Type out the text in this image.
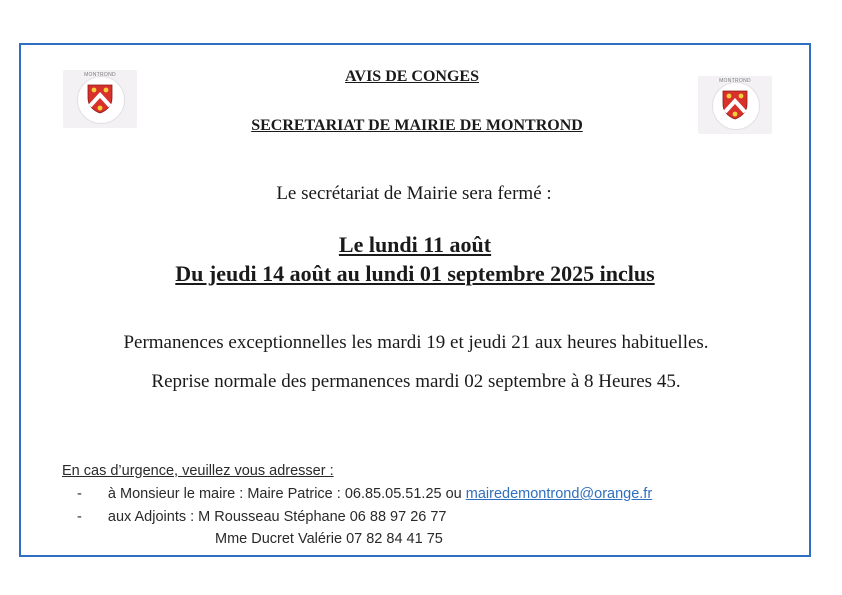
MONTROND
MONTROND
AVIS DE CONGES
SECRETARIAT DE MAIRIE DE MONTROND
Le secrétariat de Mairie sera fermé :
Le lundi 11 août
Du jeudi 14 août au lundi 01 septembre 2025 inclus
Permanences exceptionnelles les mardi 19 et jeudi 21 aux heures habituelles.
Reprise normale des permanences mardi 02 septembre à 8 Heures 45.
En cas d’urgence, veuillez vous adresser :
- à Monsieur le maire : Maire Patrice : 06.85.05.51.25 ou mairedemontrond@orange.fr
- aux Adjoints : M Rousseau Stéphane 06 88 97 26 77
Mme Ducret Valérie 07 82 84 41 75
